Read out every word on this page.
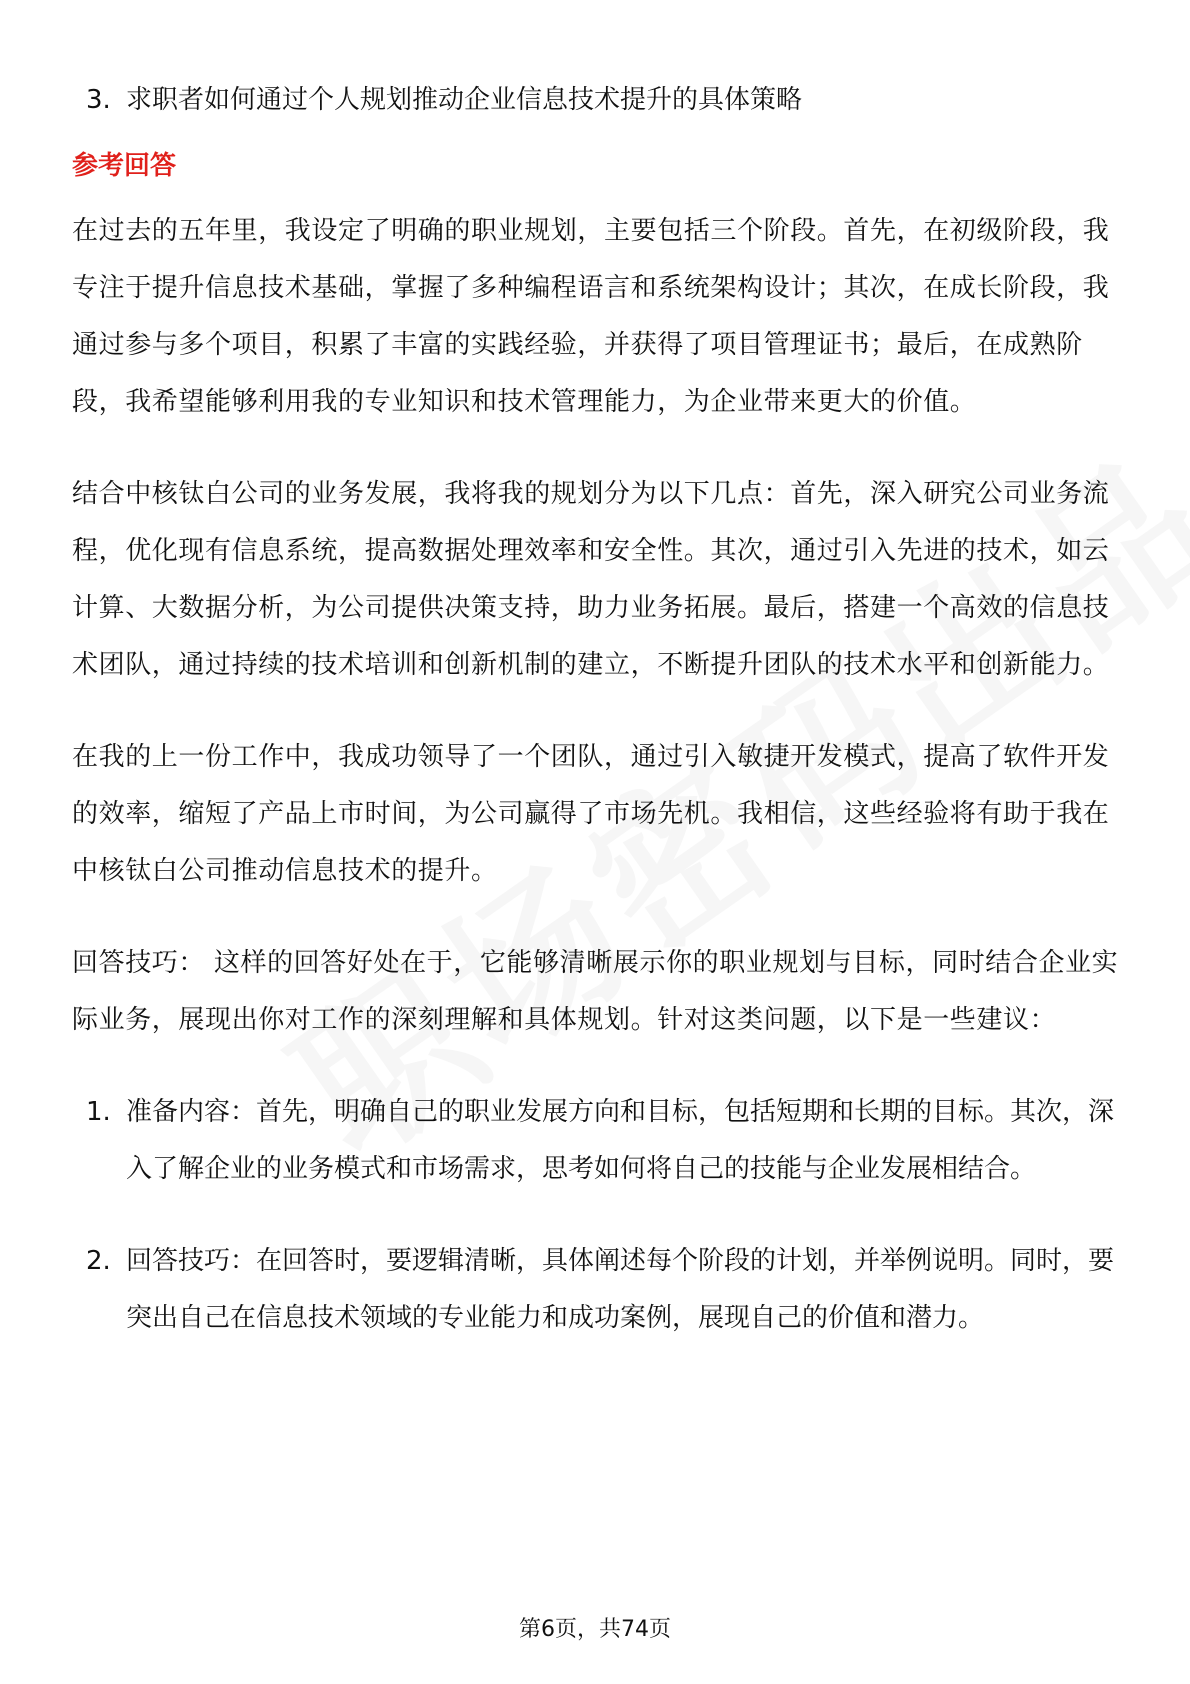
3. 求职者如何通过个人规划推动企业信息技术提升的具体策略
参考回答

在过去的五年里，我设定了明确的职业规划，主要包括三个阶段。首先，在初级阶段，我专注于提升信息技术基础，掌握了多种编程语言和系统架构设计；其次，在成长阶段，我通过参与多个项目，积累了丰富的实践经验，并获得了项目管理证书；最后，在成熟阶段，我希望能够利用我的专业知识和技术管理能力，为企业带来更大的价值。

结合中核钛白公司的业务发展，我将我的规划分为以下几点：首先，深入研究公司业务流程，优化现有信息系统，提高数据处理效率和安全性。其次，通过引入先进的技术，如云计算、大数据分析，为公司提供决策支持，助力业务拓展。最后，搭建一个高效的信息技术团队，通过持续的技术培训和创新机制的建立，不断提升团队的技术水平和创新能力。

在我的上一份工作中，我成功领导了一个团队，通过引入敏捷开发模式，提高了软件开发的效率，缩短了产品上市时间，为公司赢得了市场先机。我相信，这些经验将有助于我在中核钛白公司推动信息技术的提升。

回答技巧： 这样的回答好处在于，它能够清晰展示你的职业规划与目标，同时结合企业实际业务，展现出你对工作的深刻理解和具体规划。针对这类问题，以下是一些建议：

1. 准备内容：首先，明确自己的职业发展方向和目标，包括短期和长期的目标。其次，深入了解企业的业务模式和市场需求，思考如何将自己的技能与企业发展相结合。
2. 回答技巧：在回答时，要逻辑清晰，具体阐述每个阶段的计划，并举例说明。同时，要突出自己在信息技术领域的专业能力和成功案例，展现自己的价值和潜力。
第6页，共74页
